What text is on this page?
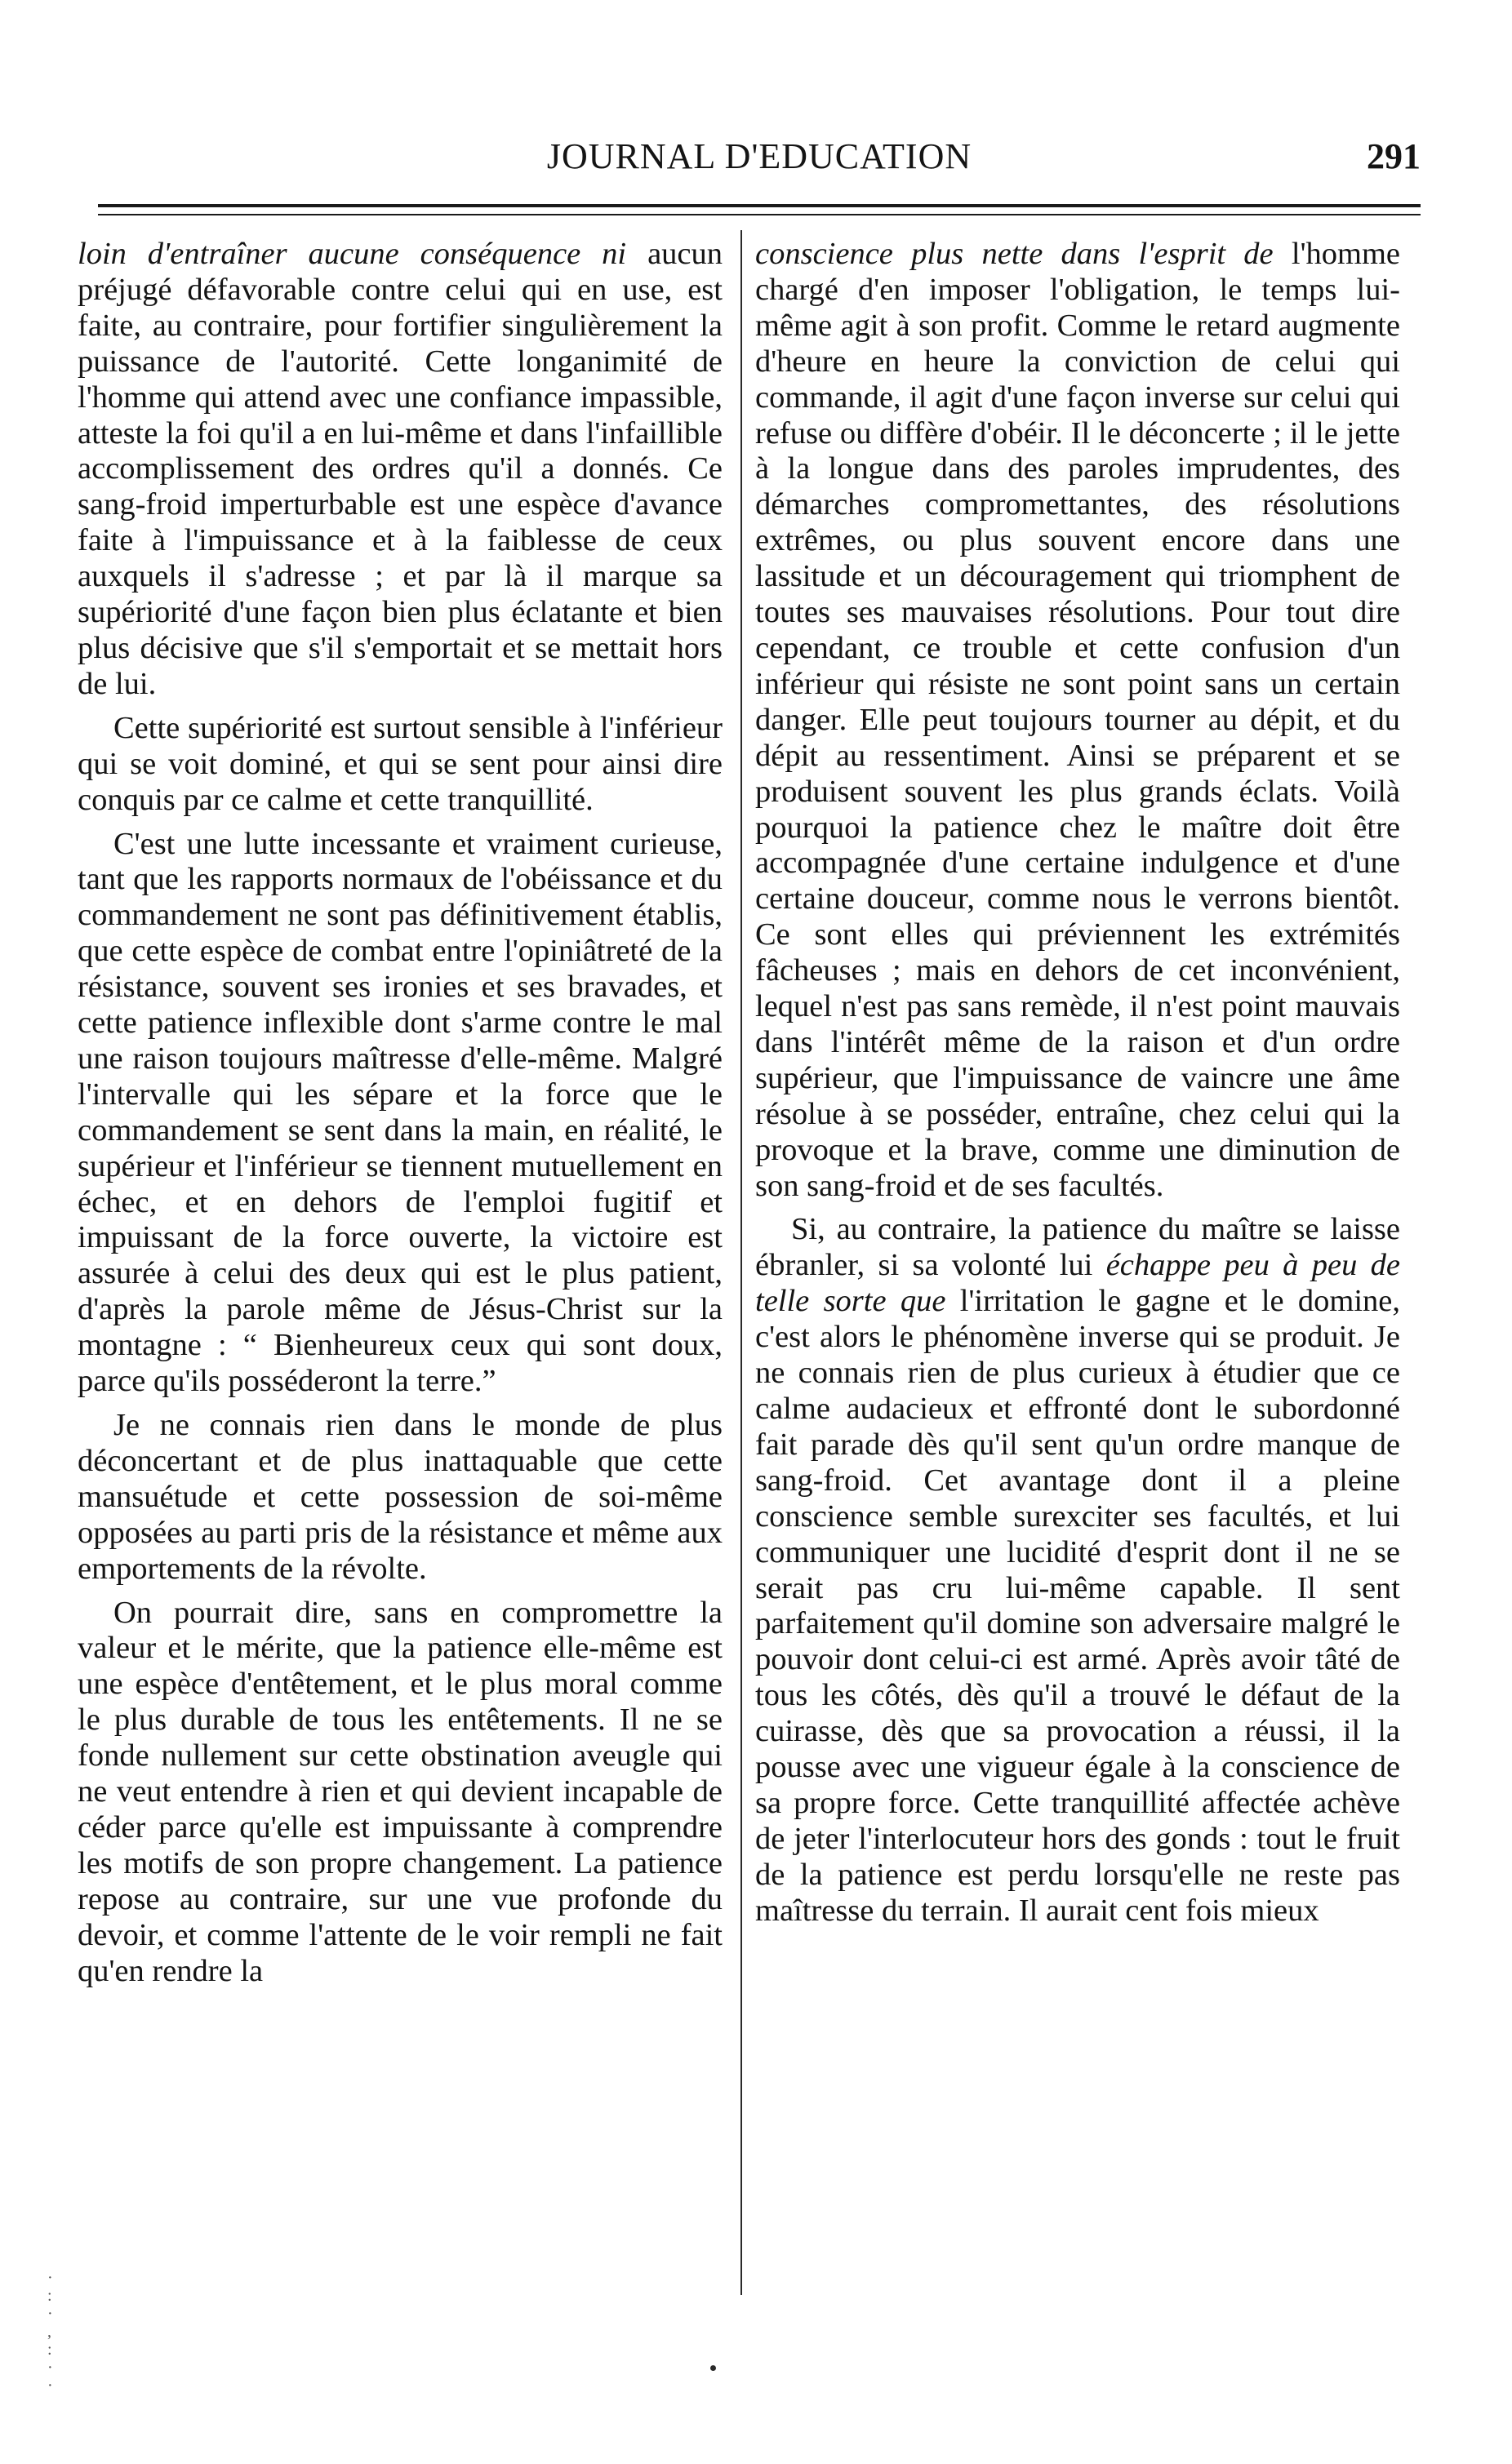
JOURNAL D'EDUCATION	291

loin d'entraîner aucune conséquence ni aucun préjugé défavorable contre celui qui en use, est faite, au contraire, pour fortifier singulièrement la puissance de l'autorité. Cette longanimité de l'homme qui attend avec une confiance impassible, atteste la foi qu'il a en lui-même et dans l'infaillible accomplissement des ordres qu'il a donnés. Ce sang-froid imperturbable est une espèce d'avance faite à l'impuissance et à la faiblesse de ceux auxquels il s'adresse ; et par là il marque sa supériorité d'une façon bien plus éclatante et bien plus décisive que s'il s'emportait et se mettait hors de lui.

Cette supériorité est surtout sensible à l'inférieur qui se voit dominé, et qui se sent pour ainsi dire conquis par ce calme et cette tranquillité.

C'est une lutte incessante et vraiment curieuse, tant que les rapports normaux de l'obéissance et du commandement ne sont pas définitivement établis, que cette espèce de combat entre l'opiniâtreté de la résistance, souvent ses ironies et ses bravades, et cette patience inflexible dont s'arme contre le mal une raison toujours maîtresse d'elle-même. Malgré l'intervalle qui les sépare et la force que le commandement se sent dans la main, en réalité, le supérieur et l'inférieur se tiennent mutuellement en échec, et en dehors de l'emploi fugitif et impuissant de la force ouverte, la victoire est assurée à celui des deux qui est le plus patient, d'après la parole même de Jésus-Christ sur la montagne : “ Bienheureux ceux qui sont doux, parce qu'ils posséderont la terre.”

Je ne connais rien dans le monde de plus déconcertant et de plus inattaquable que cette mansuétude et cette possession de soi-même opposées au parti pris de la résistance et même aux emportements de la révolte.

On pourrait dire, sans en compromettre la valeur et le mérite, que la patience elle-même est une espèce d'entêtement, et le plus moral comme le plus durable de tous les entêtements. Il ne se fonde nullement sur cette obstination aveugle qui ne veut entendre à rien et qui devient incapable de céder parce qu'elle est impuissante à comprendre les motifs de son propre changement. La patience repose au contraire, sur une vue profonde du devoir, et comme l'attente de le voir rempli ne fait qu'en rendre la

conscience plus nette dans l'esprit de l'homme chargé d'en imposer l'obligation, le temps lui-même agit à son profit. Comme le retard augmente d'heure en heure la conviction de celui qui commande, il agit d'une façon inverse sur celui qui refuse ou diffère d'obéir. Il le déconcerte ; il le jette à la longue dans des paroles imprudentes, des démarches compromettantes, des résolutions extrêmes, ou plus souvent encore dans une lassitude et un découragement qui triomphent de toutes ses mauvaises résolutions. Pour tout dire cependant, ce trouble et cette confusion d'un inférieur qui résiste ne sont point sans un certain danger. Elle peut toujours tourner au dépit, et du dépit au ressentiment. Ainsi se préparent et se produisent souvent les plus grands éclats. Voilà pourquoi la patience chez le maître doit être accompagnée d'une certaine indulgence et d'une certaine douceur, comme nous le verrons bientôt. Ce sont elles qui préviennent les extrémités fâcheuses ; mais en dehors de cet inconvénient, lequel n'est pas sans remède, il n'est point mauvais dans l'intérêt même de la raison et d'un ordre supérieur, que l'impuissance de vaincre une âme résolue à se posséder, entraîne, chez celui qui la provoque et la brave, comme une diminution de son sang-froid et de ses facultés.

Si, au contraire, la patience du maître se laisse ébranler, si sa volonté lui échappe peu à peu de telle sorte que l'irritation le gagne et le domine, c'est alors le phénomène inverse qui se produit. Je ne connais rien de plus curieux à étudier que ce calme audacieux et effronté dont le subordonné fait parade dès qu'il sent qu'un ordre manque de sang-froid. Cet avantage dont il a pleine conscience semble surexciter ses facultés, et lui communiquer une lucidité d'esprit dont il ne se serait pas cru lui-même capable. Il sent parfaitement qu'il domine son adversaire malgré le pouvoir dont celui-ci est armé. Après avoir tâté de tous les côtés, dès qu'il a trouvé le défaut de la cuirasse, dès que sa provocation a réussi, il la pousse avec une vigueur égale à la conscience de sa propre force. Cette tranquillité affectée achève de jeter l'interlocuteur hors des gonds : tout le fruit de la patience est perdu lorsqu'elle ne reste pas maîtresse du terrain. Il aurait cent fois mieux

·
:
·
,
:
·
·
